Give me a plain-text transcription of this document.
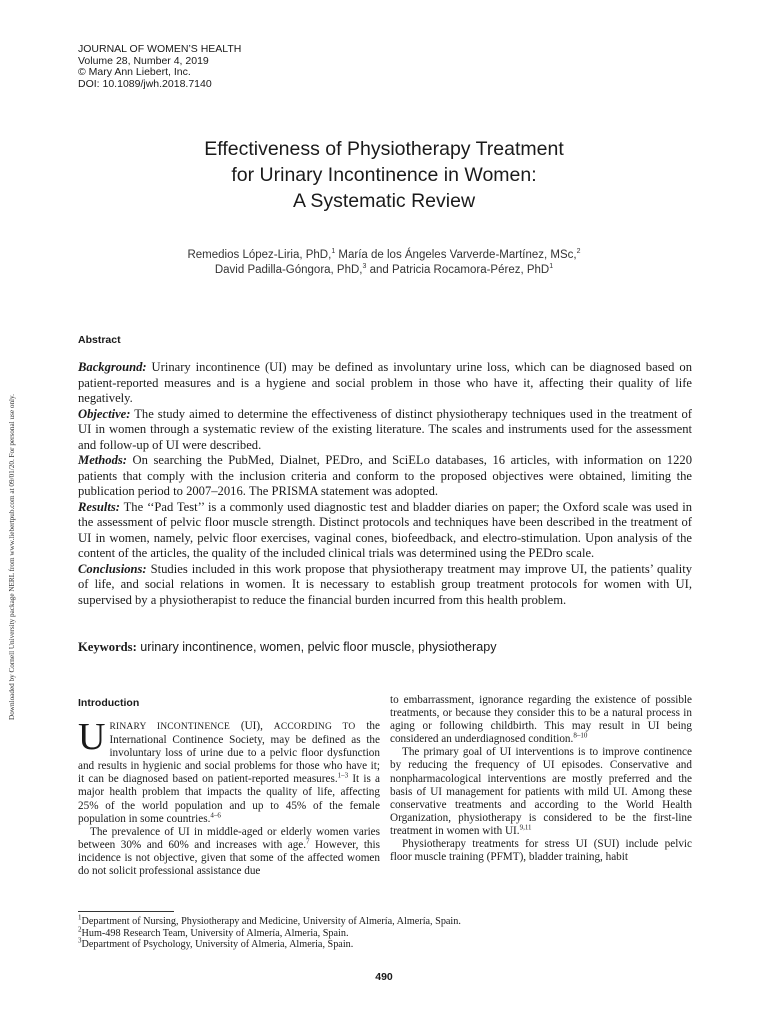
Downloaded by Cornell University package NERL from www.liebertpub.com at 09/01/20. For personal use only.
JOURNAL OF WOMEN’S HEALTH
Volume 28, Number 4, 2019
© Mary Ann Liebert, Inc.
DOI: 10.1089/jwh.2018.7140
Effectiveness of Physiotherapy Treatment
for Urinary Incontinence in Women:
A Systematic Review
Remedios López-Liria, PhD,$^1$ María de los Ángeles Varverde-Martínez, MSc,$^2$
David Padilla-Góngora, PhD,$^3$ and Patricia Rocamora-Pérez, PhD$^1$
Abstract

Background: Urinary incontinence (UI) may be defined as involuntary urine loss, which can be diagnosed based on patient-reported measures and is a hygiene and social problem in those who have it, affecting their quality of life negatively.

Objective: The study aimed to determine the effectiveness of distinct physiotherapy techniques used in the treatment of UI in women through a systematic review of the existing literature. The scales and instruments used for the assessment and follow-up of UI were described.

Methods: On searching the PubMed, Dialnet, PEDro, and SciELo databases, 16 articles, with information on 1220 patients that comply with the inclusion criteria and conform to the proposed objectives were obtained, limiting the publication period to 2007–2016. The PRISMA statement was adopted.

Results: The ‘‘Pad Test’’ is a commonly used diagnostic test and bladder diaries on paper; the Oxford scale was used in the assessment of pelvic floor muscle strength. Distinct protocols and techniques have been described in the treatment of UI in women, namely, pelvic floor exercises, vaginal cones, biofeedback, and electro-stimulation. Upon analysis of the content of the articles, the quality of the included clinical trials was determined using the PEDro scale.

Conclusions: Studies included in this work propose that physiotherapy treatment may improve UI, the patients’ quality of life, and social relations in women. It is necessary to establish group treatment protocols for women with UI, supervised by a physiotherapist to reduce the financial burden incurred from this health problem.

Keywords: urinary incontinence, women, pelvic floor muscle, physiotherapy
Introduction

URINARY INCONTINENCE (UI), ACCORDING TO the International Continence Society, may be defined as the involuntary loss of urine due to a pelvic floor dysfunction and results in hygienic and social problems for those who have it; it can be diagnosed based on patient-reported measures.$^{1-3}$ It is a major health problem that impacts the quality of life, affecting 25% of the world population and up to 45% of the female population in some countries.$^{4-6}$

The prevalence of UI in middle-aged or elderly women varies between 30% and 60% and increases with age.$^7$ However, this incidence is not objective, given that some of the affected women do not solicit professional assistance due

to embarrassment, ignorance regarding the existence of possible treatments, or because they consider this to be a natural process in aging or following childbirth. This may result in UI being considered an underdiagnosed condition.$^{8-10}$

The primary goal of UI interventions is to improve continence by reducing the frequency of UI episodes. Conservative and nonpharmacological interventions are mostly preferred and the basis of UI management for patients with mild UI. Among these conservative treatments and according to the World Health Organization, physiotherapy is considered to be the first-line treatment in women with UI.$^{9,11}$

Physiotherapy treatments for stress UI (SUI) include pelvic floor muscle training (PFMT), bladder training, habit

$^1$Department of Nursing, Physiotherapy and Medicine, University of Almería, Almería, Spain.
$^2$Hum-498 Research Team, University of Almería, Almeria, Spain.
$^3$Department of Psychology, University of Almeria, Almeria, Spain.
490
